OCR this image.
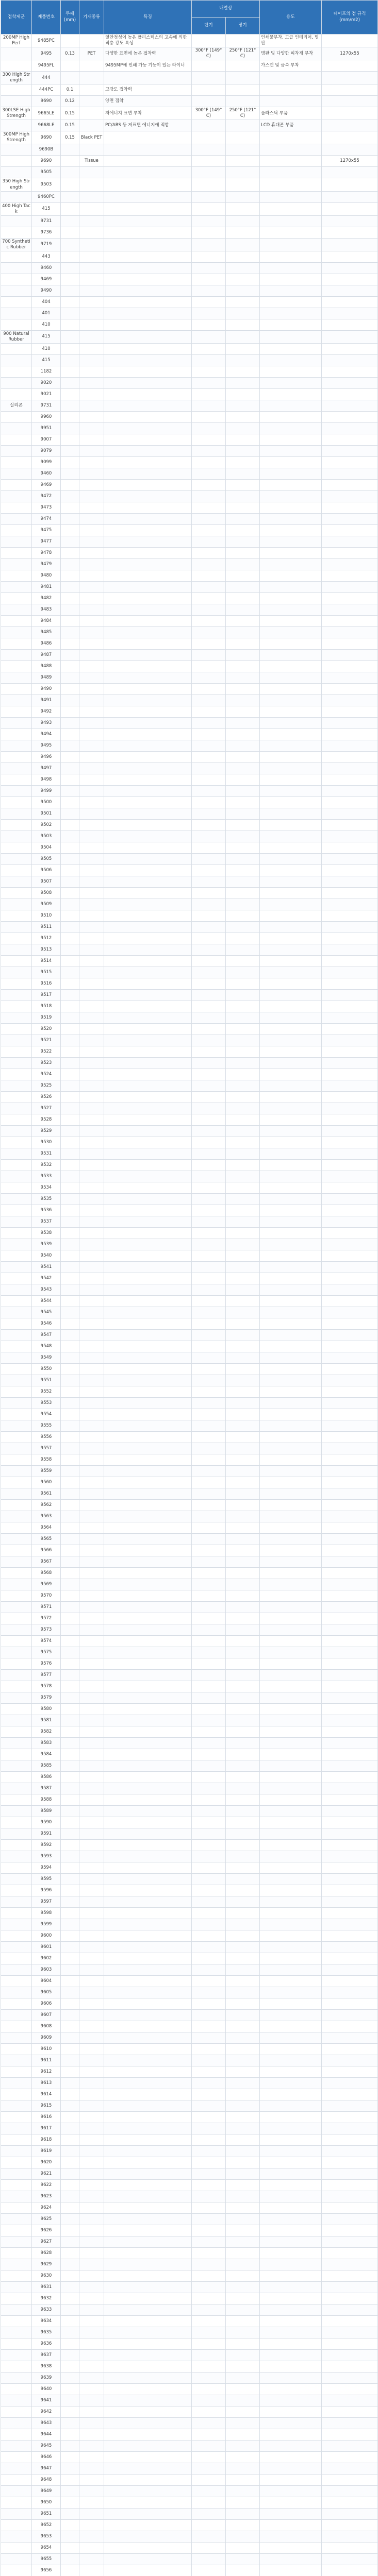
접착제군	제품번호	두께 (mm)	기재종류	특징	내열성		용도	테이프의 점 규격 (mm/m2)
					단기	장기		
200MP High Perf	9485PC			열안정성이 높은 폴리스틱스의 고속에 의한 적층 강도 특성			인쇄물부착, 고급 인테리어, 명판	
	9495	0.13	PET	다양한 표면에 높은 접착력	300°F (149°C)	250°F (121°C)	명판 및 다양한 피착재 부착	1270x55
	9495FL			9495MP에 인쇄 가능 기능이 있는 라이너			가스켓 및 금속 부착	
300 High Strength	444							
	444PC	0.1		고강도 접착력				
	9690	0.12		양면 접착				
300LSE High Strength	9665LE	0.15		저에너지 표면 부착	300°F (149°C)	250°F (121°C)	플라스틱 부품	
	9668LE	0.15		PC/ABS 등 저표면 에너지에 적합			LCD 휴대폰 부품	
300MP High Strength	9690	0.15	Black PET					
	9690B							
	9690		Tissue					1270x55
	9505							
350 High Strength	9503							
	9460PC							
400 High Tack	415							
	9731							
	9736							
700 Synthetic Rubber	9719							
	443							
	9460							
	9469							
	9490							
	404							
	401							
	410							
900 Natural Rubber	415							
	410							
	415							
	1182							
	9020							
	9021							
실리콘	9731							
	9960							
	9951							
	9007							
	9079							
	9099							
	9460							
	9469							
	9472							
	9473							
	9474							
	9475							
	9477							
	9478							
	9479							
	9480							
	9481							
	9482							
	9483							
	9484							
	9485							
	9486							
	9487							
	9488							
	9489							
	9490							
	9491							
	9492							
	9493							
	9494							
	9495							
	9496							
	9497							
	9498							
	9499							
	9500							
	9501							
	9502							
	9503							
	9504							
	9505							
	9506							
	9507							
	9508							
	9509							
	9510							
	9511							
	9512							
	9513							
	9514							
	9515							
	9516							
	9517							
	9518							
	9519							
	9520							
	9521							
	9522							
	9523							
	9524							
	9525							
	9526							
	9527							
	9528							
	9529							
	9530							
	9531							
	9532							
	9533							
	9534							
	9535							
	9536							
	9537							
	9538							
	9539							
	9540							
	9541							
	9542							
	9543							
	9544							
	9545							
	9546							
	9547							
	9548							
	9549							
	9550							
	9551							
	9552							
	9553							
	9554							
	9555							
	9556							
	9557							
	9558							
	9559							
	9560							
	9561							
	9562							
	9563							
	9564							
	9565							
	9566							
	9567							
	9568							
	9569							
	9570							
	9571							
	9572							
	9573							
	9574							
	9575							
	9576							
	9577							
	9578							
	9579							
	9580							
	9581							
	9582							
	9583							
	9584							
	9585							
	9586							
	9587							
	9588							
	9589							
	9590							
	9591							
	9592							
	9593							
	9594							
	9595							
	9596							
	9597							
	9598							
	9599							
	9600							
	9601							
	9602							
	9603							
	9604							
	9605							
	9606							
	9607							
	9608							
	9609							
	9610							
	9611							
	9612							
	9613							
	9614							
	9615							
	9616							
	9617							
	9618							
	9619							
	9620							
	9621							
	9622							
	9623							
	9624							
	9625							
	9626							
	9627							
	9628							
	9629							
	9630							
	9631							
	9632							
	9633							
	9634							
	9635							
	9636							
	9637							
	9638							
	9639							
	9640							
	9641							
	9642							
	9643							
	9644							
	9645							
	9646							
	9647							
	9648							
	9649							
	9650							
	9651							
	9652							
	9653							
	9654							
	9655							
	9656							
